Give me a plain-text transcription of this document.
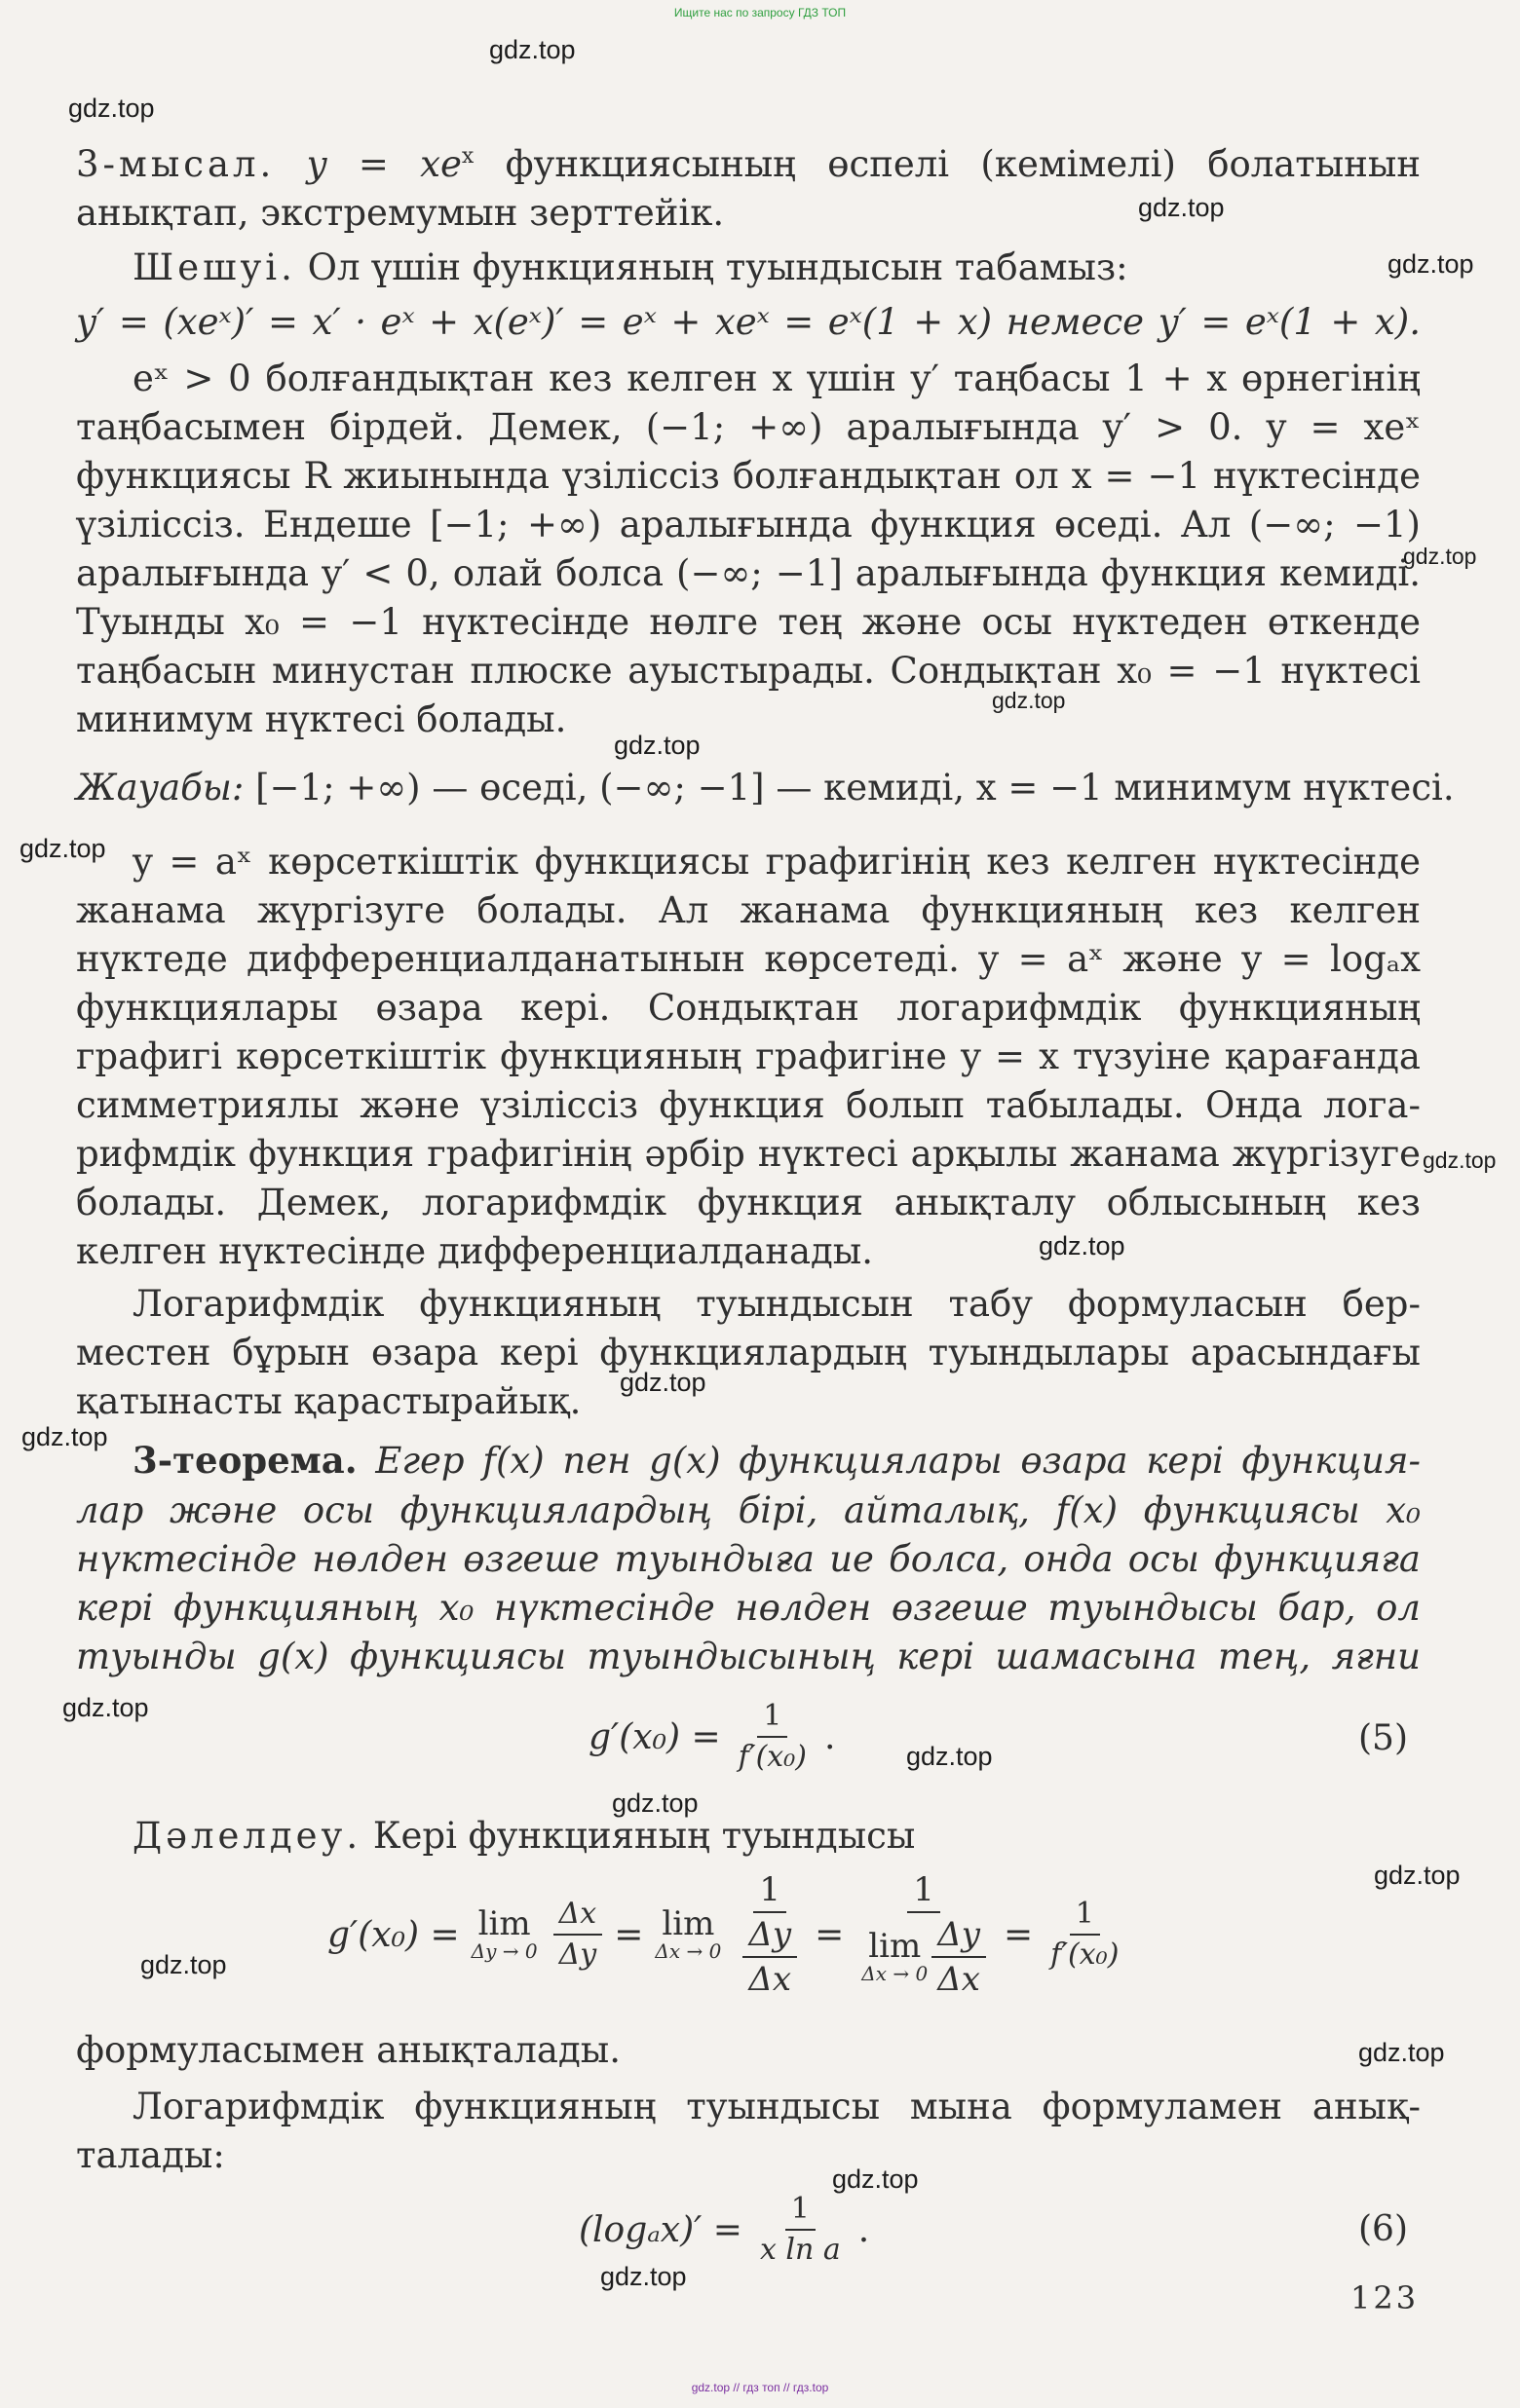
Ищите нас по запросу ГДЗ ТОП
gdz.top
gdz.top
gdz.top
gdz.top
gdz.top
gdz.top
gdz.top
gdz.top
gdz.top
gdz.top
gdz.top
gdz.top
gdz.top
gdz.top
gdz.top
gdz.top
gdz.top
gdz.top
gdz.top
gdz.top
3-мысал. $y = xe^x$ функциясының өспелі (кемімелі) болатынын
анықтап, экстремумын зерттейік.
Шешуі. Ол үшін функцияның туындысын табамыз:
y′ = (xeˣ)′ = x′ · eˣ + x(eˣ)′ = eˣ + xeˣ = eˣ(1 + x) немесе y′ = eˣ(1 + x).
eˣ > 0 болғандықтан кез келген x үшін y′ таңбасы 1 + x өрнегінің
таңбасымен бірдей. Демек, (−1; +∞) аралығында y′ > 0. y = xeˣ
функциясы R жиынында үзіліссіз болғандықтан ол x = −1 нүктесінде
үзіліссіз. Ендеше [−1; +∞) аралығында функция өседі. Ал (−∞; −1)
аралығында y′ < 0, олай болса (−∞; −1] аралығында функция кемиді.
Туынды x₀ = −1 нүктесінде нөлге тең және осы нүктеден өткенде
таңбасын минустан плюске ауыстырады. Сондықтан x₀ = −1 нүктесі
минимум нүктесі болады.
Жауабы: [−1; +∞) — өседі, (−∞; −1] — кемиді, x = −1 минимум нүктесі.
y = aˣ көрсеткіштік функциясы графигінің кез келген нүктесінде
жанама жүргізуге болады. Ал жанама функцияның кез келген
нүктеде дифференциалданатынын көрсетеді. y = aˣ және y = logₐx
функциялары өзара кері. Сондықтан логарифмдік функцияның
графигі көрсеткіштік функцияның графигіне y = x түзуіне қарағанда
симметриялы және үзіліссіз функция болып табылады. Онда лога-
рифмдік функция графигінің әрбір нүктесі арқылы жанама жүргізуге
болады. Демек, логарифмдік функция анықталу облысының кез
келген нүктесінде дифференциалданады.
Логарифмдік функцияның туындысын табу формуласын бер-
местен бұрын өзара кері функциялардың туындылары арасындағы
қатынасты қарастырайық.
3-теорема. Егер f(x) пен g(x) функциялары өзара кері функция-
лар және осы функциялардың бірі, айталық, f(x) функциясы x₀
нүктесінде нөлден өзгеше туындыға ие болса, онда осы функцияға
кері функцияның x₀ нүктесінде нөлден өзгеше туындысы бар, ол
туынды g(x) функциясы туындысының кері шамасына тең, яғни
$g'(x_0) = \frac{1}{\text{f′(x₀)}}$ .	(5)
Дәлелдеу. Кері функцияның туындысы
g′(x₀) = lim
$\Delta y \to 0 \frac{\Delta x}{\Delta y} = \lim$
$\Delta x \to 0 \frac{1}{\frac{\Delta y}{\Delta x}} = 1$
lim
$\Delta x \to 0 \frac{\Delta y}{\Delta x} = \frac{1}{\text{f′(x₀)}}$
формуласымен анықталады.
Логарифмдік функцияның туындысы мына формуламен анық-
талады:
$(\log_ax)' = \frac{1}{\text{x ln a}}$ .	(6)
123
gdz.top // гдз топ // гдз.top
